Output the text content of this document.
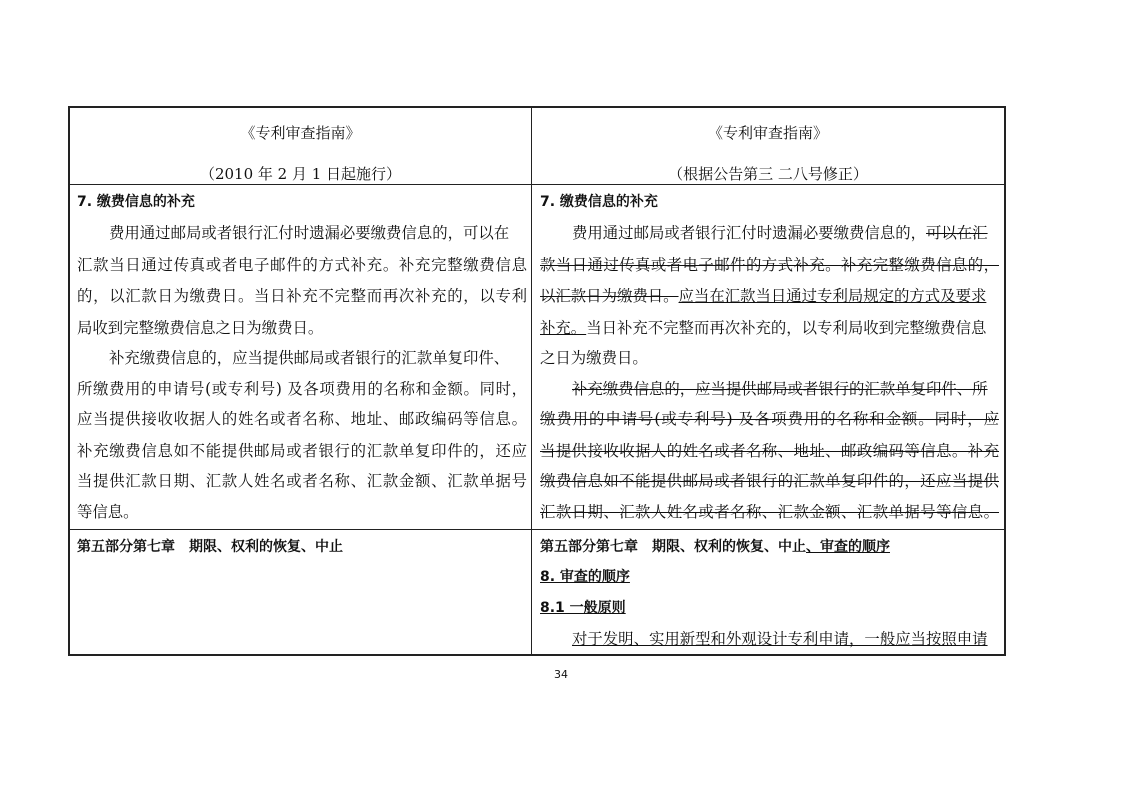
《专利审查指南》
（2010 年 2 月 1 日起施行）
《专利审查指南》
（根据公告第三 二八号修正）
7. 缴费信息的补充
费用通过邮局或者银行汇付时遗漏必要缴费信息的，可以在
汇款当日通过传真或者电子邮件的方式补充。补充完整缴费信息
的，以汇款日为缴费日。当日补充不完整而再次补充的，以专利
局收到完整缴费信息之日为缴费日。
补充缴费信息的，应当提供邮局或者银行的汇款单复印件、
所缴费用的申请号(或专利号) 及各项费用的名称和金额。同时，
应当提供接收收据人的姓名或者名称、地址、邮政编码等信息。
补充缴费信息如不能提供邮局或者银行的汇款单复印件的，还应
当提供汇款日期、汇款人姓名或者名称、汇款金额、汇款单据号
等信息。
7. 缴费信息的补充
费用通过邮局或者银行汇付时遗漏必要缴费信息的，可以在汇
款当日通过传真或者电子邮件的方式补充。补充完整缴费信息的，
以汇款日为缴费日。应当在汇款当日通过专利局规定的方式及要求
补充。当日补充不完整而再次补充的，以专利局收到完整缴费信息
之日为缴费日。
补充缴费信息的，应当提供邮局或者银行的汇款单复印件、所
缴费用的申请号(或专利号) 及各项费用的名称和金额。同时，应
当提供接收收据人的姓名或者名称、地址、邮政编码等信息。补充
缴费信息如不能提供邮局或者银行的汇款单复印件的，还应当提供
汇款日期、汇款人姓名或者名称、汇款金额、汇款单据号等信息。
第五部分第七章　期限、权利的恢复、中止	第五部分第七章　期限、权利的恢复、中止、审查的顺序
8. 审查的顺序
8.1 一般原则
对于发明、实用新型和外观设计专利申请，一般应当按照申请
34
